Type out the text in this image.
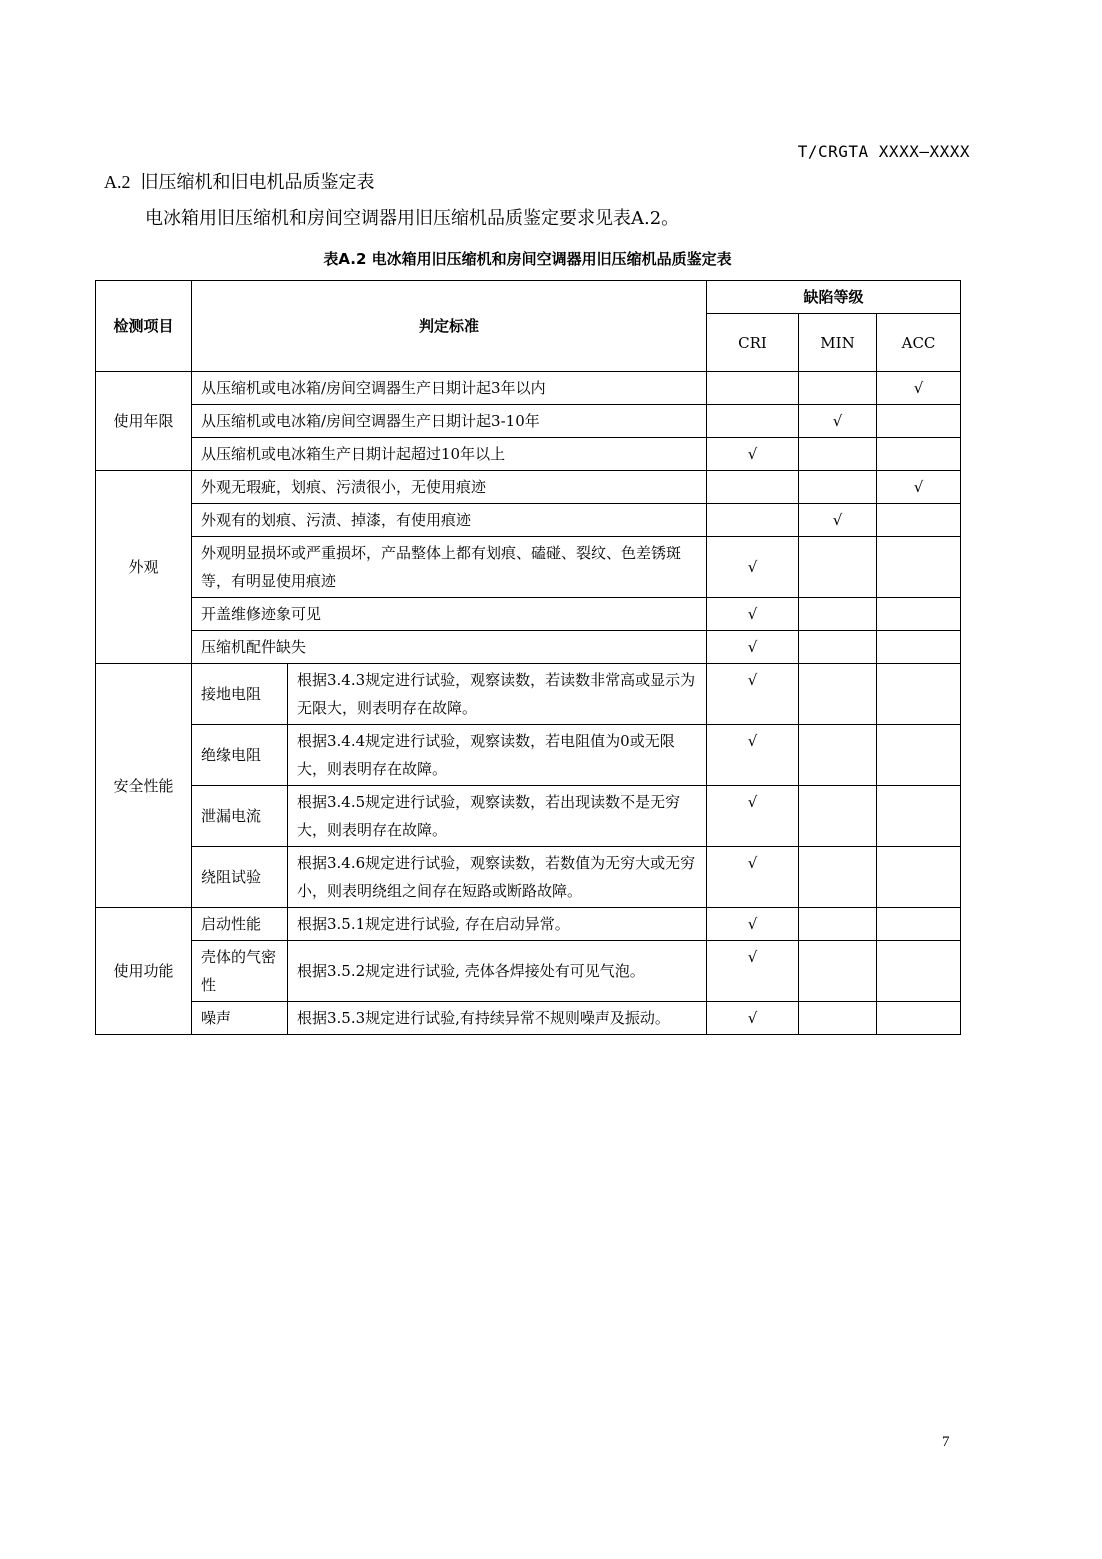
T/CRGTA XXXX—XXXX
A.2 旧压缩机和旧电机品质鉴定表
电冰箱用旧压缩机和房间空调器用旧压缩机品质鉴定要求见表A.2。
表A.2 电冰箱用旧压缩机和房间空调器用旧压缩机品质鉴定表
检测项目	判定标准		缺陷等级		
			CRI	MIN	ACC
使用年限	从压缩机或电冰箱/房间空调器生产日期计起3年以内				√
	从压缩机或电冰箱/房间空调器生产日期计起3-10年			√	
	从压缩机或电冰箱生产日期计起超过10年以上		√		
外观	外观无瑕疵，划痕、污渍很小，无使用痕迹				√
	外观有的划痕、污渍、掉漆，有使用痕迹			√	
	外观明显损坏或严重损坏，产品整体上都有划痕、磕碰、裂纹、色差锈斑等，有明显使用痕迹		√		
	开盖维修迹象可见		√		
	压缩机配件缺失		√		
安全性能	接地电阻	根据3.4.3规定进行试验，观察读数，若读数非常高或显示为无限大，则表明存在故障。	√		
	绝缘电阻	根据3.4.4规定进行试验，观察读数，若电阻值为0或无限大，则表明存在故障。	√		
	泄漏电流	根据3.4.5规定进行试验，观察读数，若出现读数不是无穷大，则表明存在故障。	√		
	绕阻试验	根据3.4.6规定进行试验，观察读数，若数值为无穷大或无穷小，则表明绕组之间存在短路或断路故障。	√		
使用功能	启动性能	根据3.5.1规定进行试验, 存在启动异常。	√		
	壳体的气密性	根据3.5.2规定进行试验, 壳体各焊接处有可见气泡。	√		
	噪声	根据3.5.3规定进行试验,有持续异常不规则噪声及振动。	√		
7
